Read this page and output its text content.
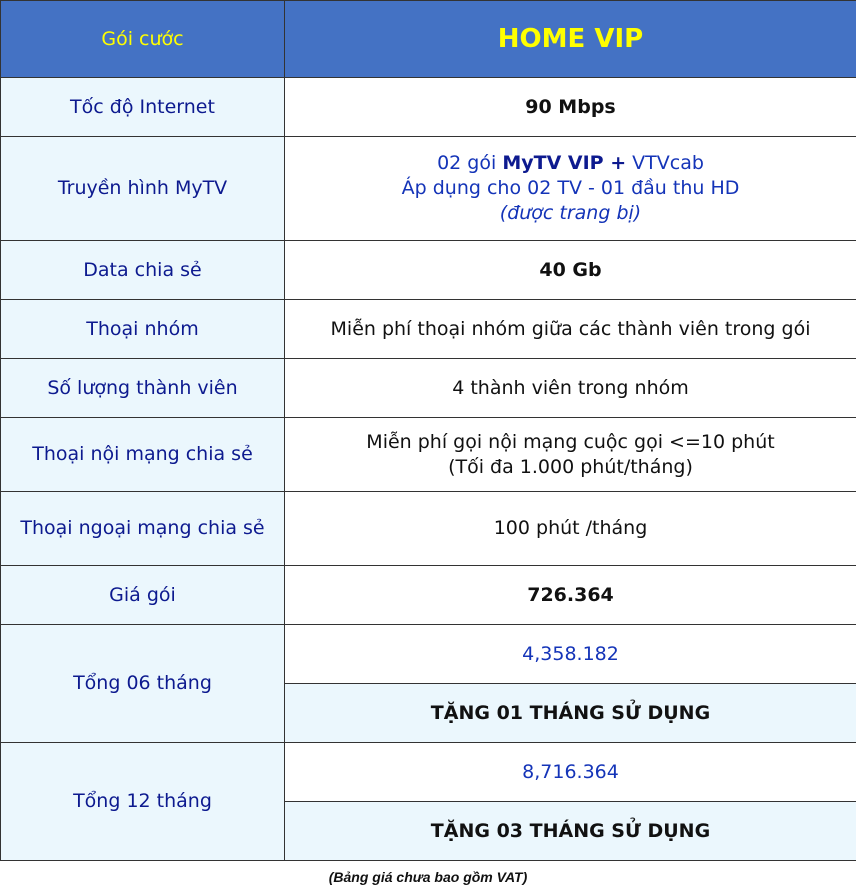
Gói cước	HOME VIP
Tốc độ Internet	90 Mbps
Truyền hình MyTV	02 gói MyTV VIP + VTVcab
Áp dụng cho 02 TV - 01 đầu thu HD
(được trang bị)

Data chia sẻ	40 Gb
Thoại nhóm	Miễn phí thoại nhóm giữa các thành viên trong gói
Số lượng thành viên	4 thành viên trong nhóm
Thoại nội mạng chia sẻ	Miễn phí gọi nội mạng cuộc gọi <=10 phút
(Tối đa 1.000 phút/tháng)

Thoại ngoại mạng chia sẻ	100 phút /tháng
Giá gói	726.364
Tổng 06 tháng	4,358.182
	TẶNG 01 THÁNG SỬ DỤNG
Tổng 12 tháng	8,716.364
	TẶNG 03 THÁNG SỬ DỤNG
(Bảng giá chưa bao gồm VAT)
